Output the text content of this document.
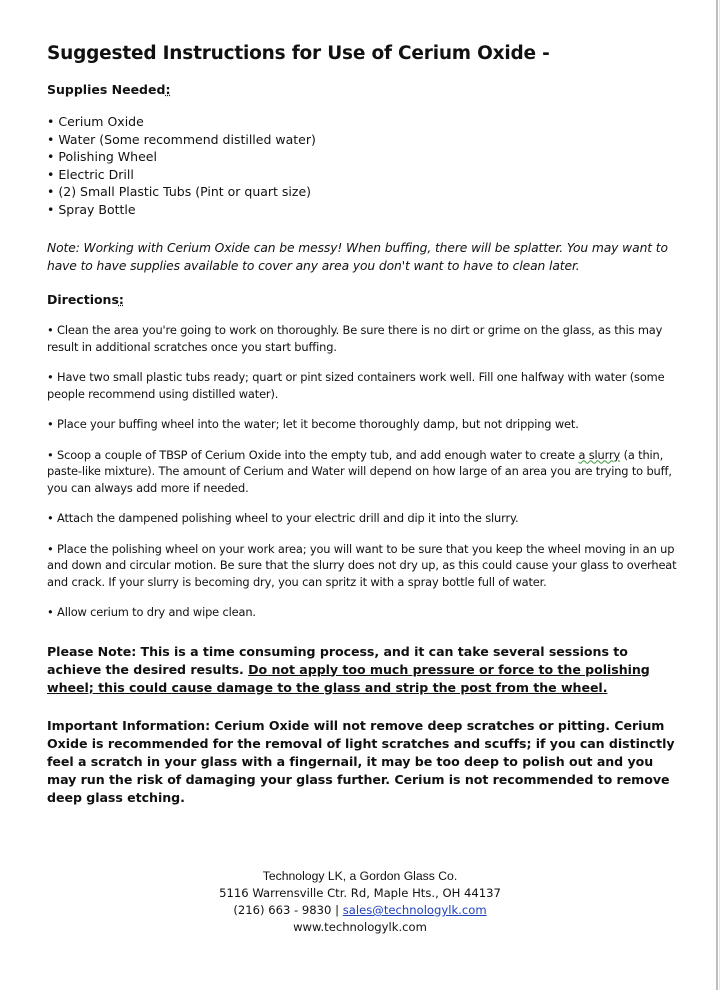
Suggested Instructions for Use of Cerium Oxide -
Supplies Needed:
• Cerium Oxide
• Water (Some recommend distilled water)
• Polishing Wheel
• Electric Drill
• (2) Small Plastic Tubs (Pint or quart size)
• Spray Bottle

Note: Working with Cerium Oxide can be messy! When buffing, there will be splatter. You may want to have to have supplies available to cover any area you don't want to have to clean later.

Directions:

• Clean the area you're going to work on thoroughly. Be sure there is no dirt or grime on the glass, as this may result in additional scratches once you start buffing.

• Have two small plastic tubs ready; quart or pint sized containers work well. Fill one halfway with water (some people recommend using distilled water).

• Place your buffing wheel into the water; let it become thoroughly damp, but not dripping wet.

• Scoop a couple of TBSP of Cerium Oxide into the empty tub, and add enough water to create a slurry (a thin, paste-like mixture). The amount of Cerium and Water will depend on how large of an area you are trying to buff, you can always add more if needed.

• Attach the dampened polishing wheel to your electric drill and dip it into the slurry.

• Place the polishing wheel on your work area; you will want to be sure that you keep the wheel moving in an up and down and circular motion. Be sure that the slurry does not dry up, as this could cause your glass to overheat and crack. If your slurry is becoming dry, you can spritz it with a spray bottle full of water.

• Allow cerium to dry and wipe clean.

Please Note: This is a time consuming process, and it can take several sessions to achieve the desired results. Do not apply too much pressure or force to the polishing wheel; this could cause damage to the glass and strip the post from the wheel.

Important Information: Cerium Oxide will not remove deep scratches or pitting. Cerium Oxide is recommended for the removal of light scratches and scuffs; if you can distinctly feel a scratch in your glass with a fingernail, it may be too deep to polish out and you may run the risk of damaging your glass further. Cerium is not recommended to remove deep glass etching.

Technology LK, a Gordon Glass Co.
5116 Warrensville Ctr. Rd, Maple Hts., OH 44137
(216) 663 - 9830 | sales@technologylk.com
www.technologylk.com
